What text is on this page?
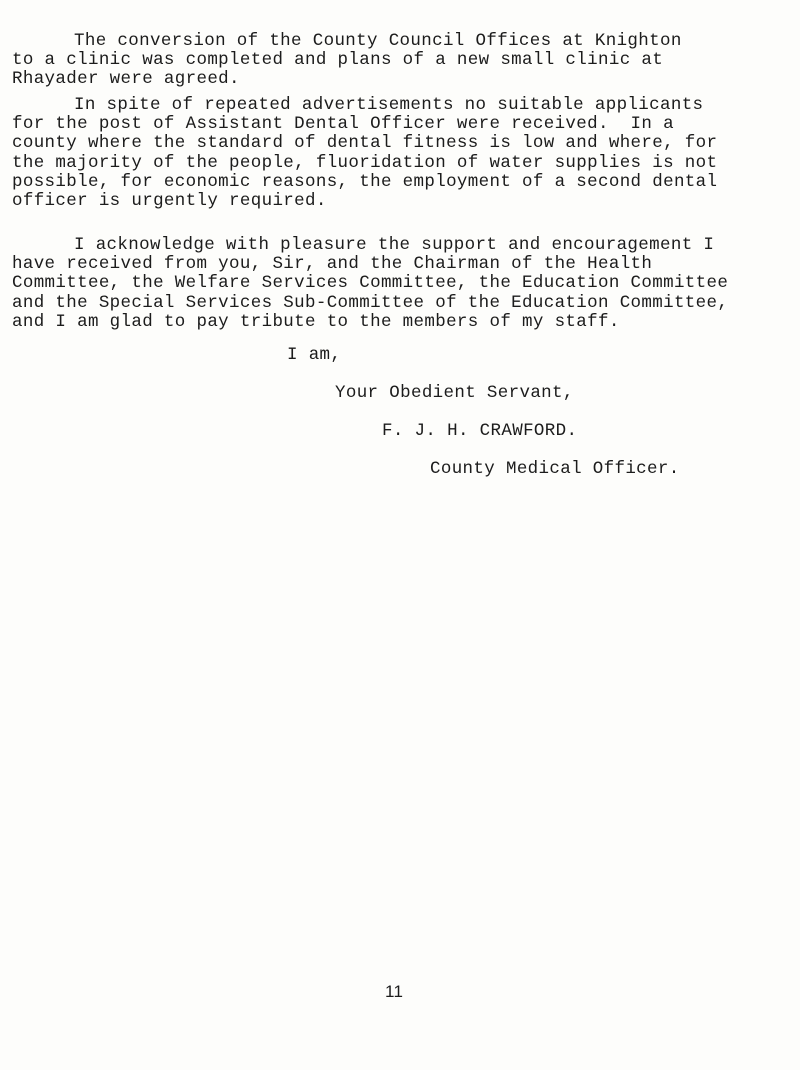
The conversion of the County Council Offices at Knighton
to a clinic was completed and plans of a new small clinic at
Rhayader were agreed.
In spite of repeated advertisements no suitable applicants
for the post of Assistant Dental Officer were received.  In a
county where the standard of dental fitness is low and where, for
the majority of the people, fluoridation of water supplies is not
possible, for economic reasons, the employment of a second dental
officer is urgently required.
I acknowledge with pleasure the support and encouragement I
have received from you, Sir, and the Chairman of the Health
Committee, the Welfare Services Committee, the Education Committee
and the Special Services Sub-Committee of the Education Committee,
and I am glad to pay tribute to the members of my staff.

I am,

Your Obedient Servant,

F. J. H. CRAWFORD.

County Medical Officer.

11
